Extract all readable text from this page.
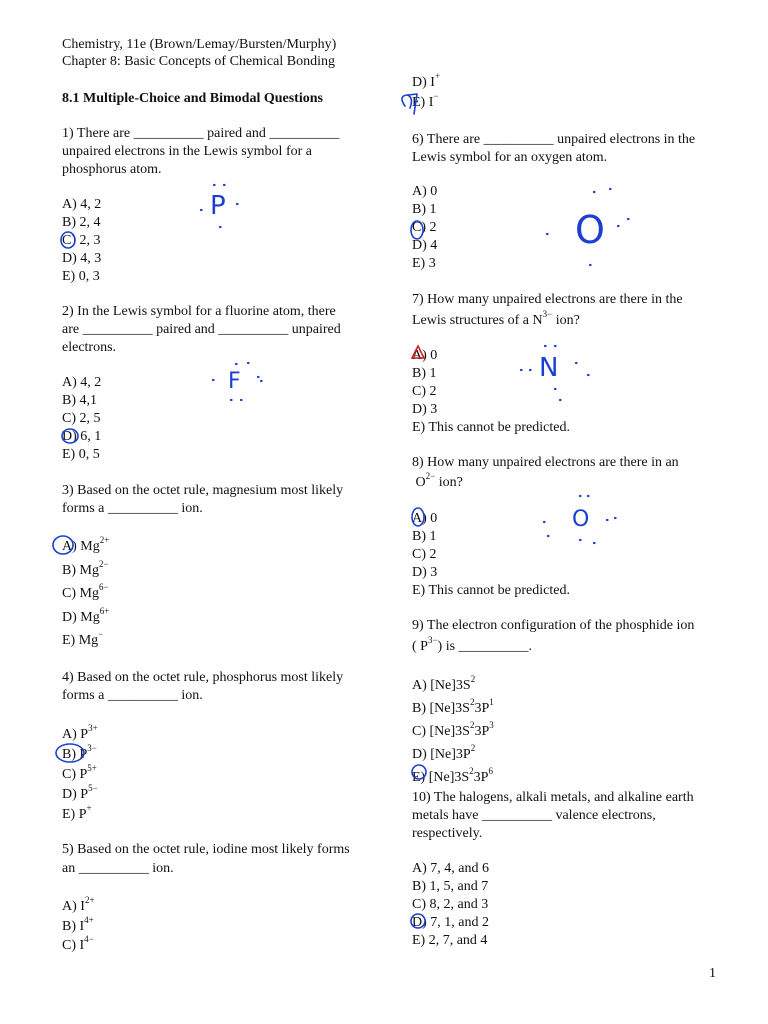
Chemistry, 11e (Brown/Lemay/Bursten/Murphy)
Chapter 8: Basic Concepts of Chemical Bonding
8.1 Multiple-Choice and Bimodal Questions
1) There are __________ paired and __________
unpaired electrons in the Lewis symbol for a
phosphorus atom.
A) 4, 2
B) 2, 4
C) 2, 3
D) 4, 3
E) 0, 3
2) In the Lewis symbol for a fluorine atom, there
are __________ paired and __________ unpaired
electrons.
A) 4, 2
B) 4,1
C) 2, 5
D) 6, 1
E) 0, 5
3) Based on the octet rule, magnesium most likely
forms a __________ ion.
A) $Mg^{2+}$
B) $Mg^{2-}$
C) $Mg^{6-}$
D) $Mg^{6+}$
E) Mg−
4) Based on the octet rule, phosphorus most likely
forms a __________ ion.
A) $P^{3+}$
B) $P^{3-}$
C) $P^{5+}$
D) $P^{5-}$
E) P+
5) Based on the octet rule, iodine most likely forms
an __________ ion.
A) $I^{2+}$
B) $I^{4+}$
C) $I^{4-}$
D) I+
E) I−
6) There are __________ unpaired electrons in the
Lewis symbol for an oxygen atom.
A) 0
B) 1
C) 2
D) 4
E) 3
7) How many unpaired electrons are there in the
Lewis structures of a $N^{3-}$ ion?
A) 0
B) 1
C) 2
D) 3
E) This cannot be predicted.
8) How many unpaired electrons are there in an
$O^{2-}$ ion?
A) 0
B) 1
C) 2
D) 3
E) This cannot be predicted.
9) The electron configuration of the phosphide ion
( $P^{3-}$) is __________.
A) $[Ne]3S^2$
B) $[Ne]3S^23P^1$
C) $[Ne]3S^23P^3$
D) $[Ne]3P^2$
E) $[Ne]3S^23P^6$
10) The halogens, alkali metals, and alkaline earth
metals have __________ valence electrons,
respectively.
A) 7, 4, and 6
B) 1, 5, and 7
C) 8, 2, and 3
D) 7, 1, and 2
E) 2, 7, and 4
P
F
O
N
O
1
